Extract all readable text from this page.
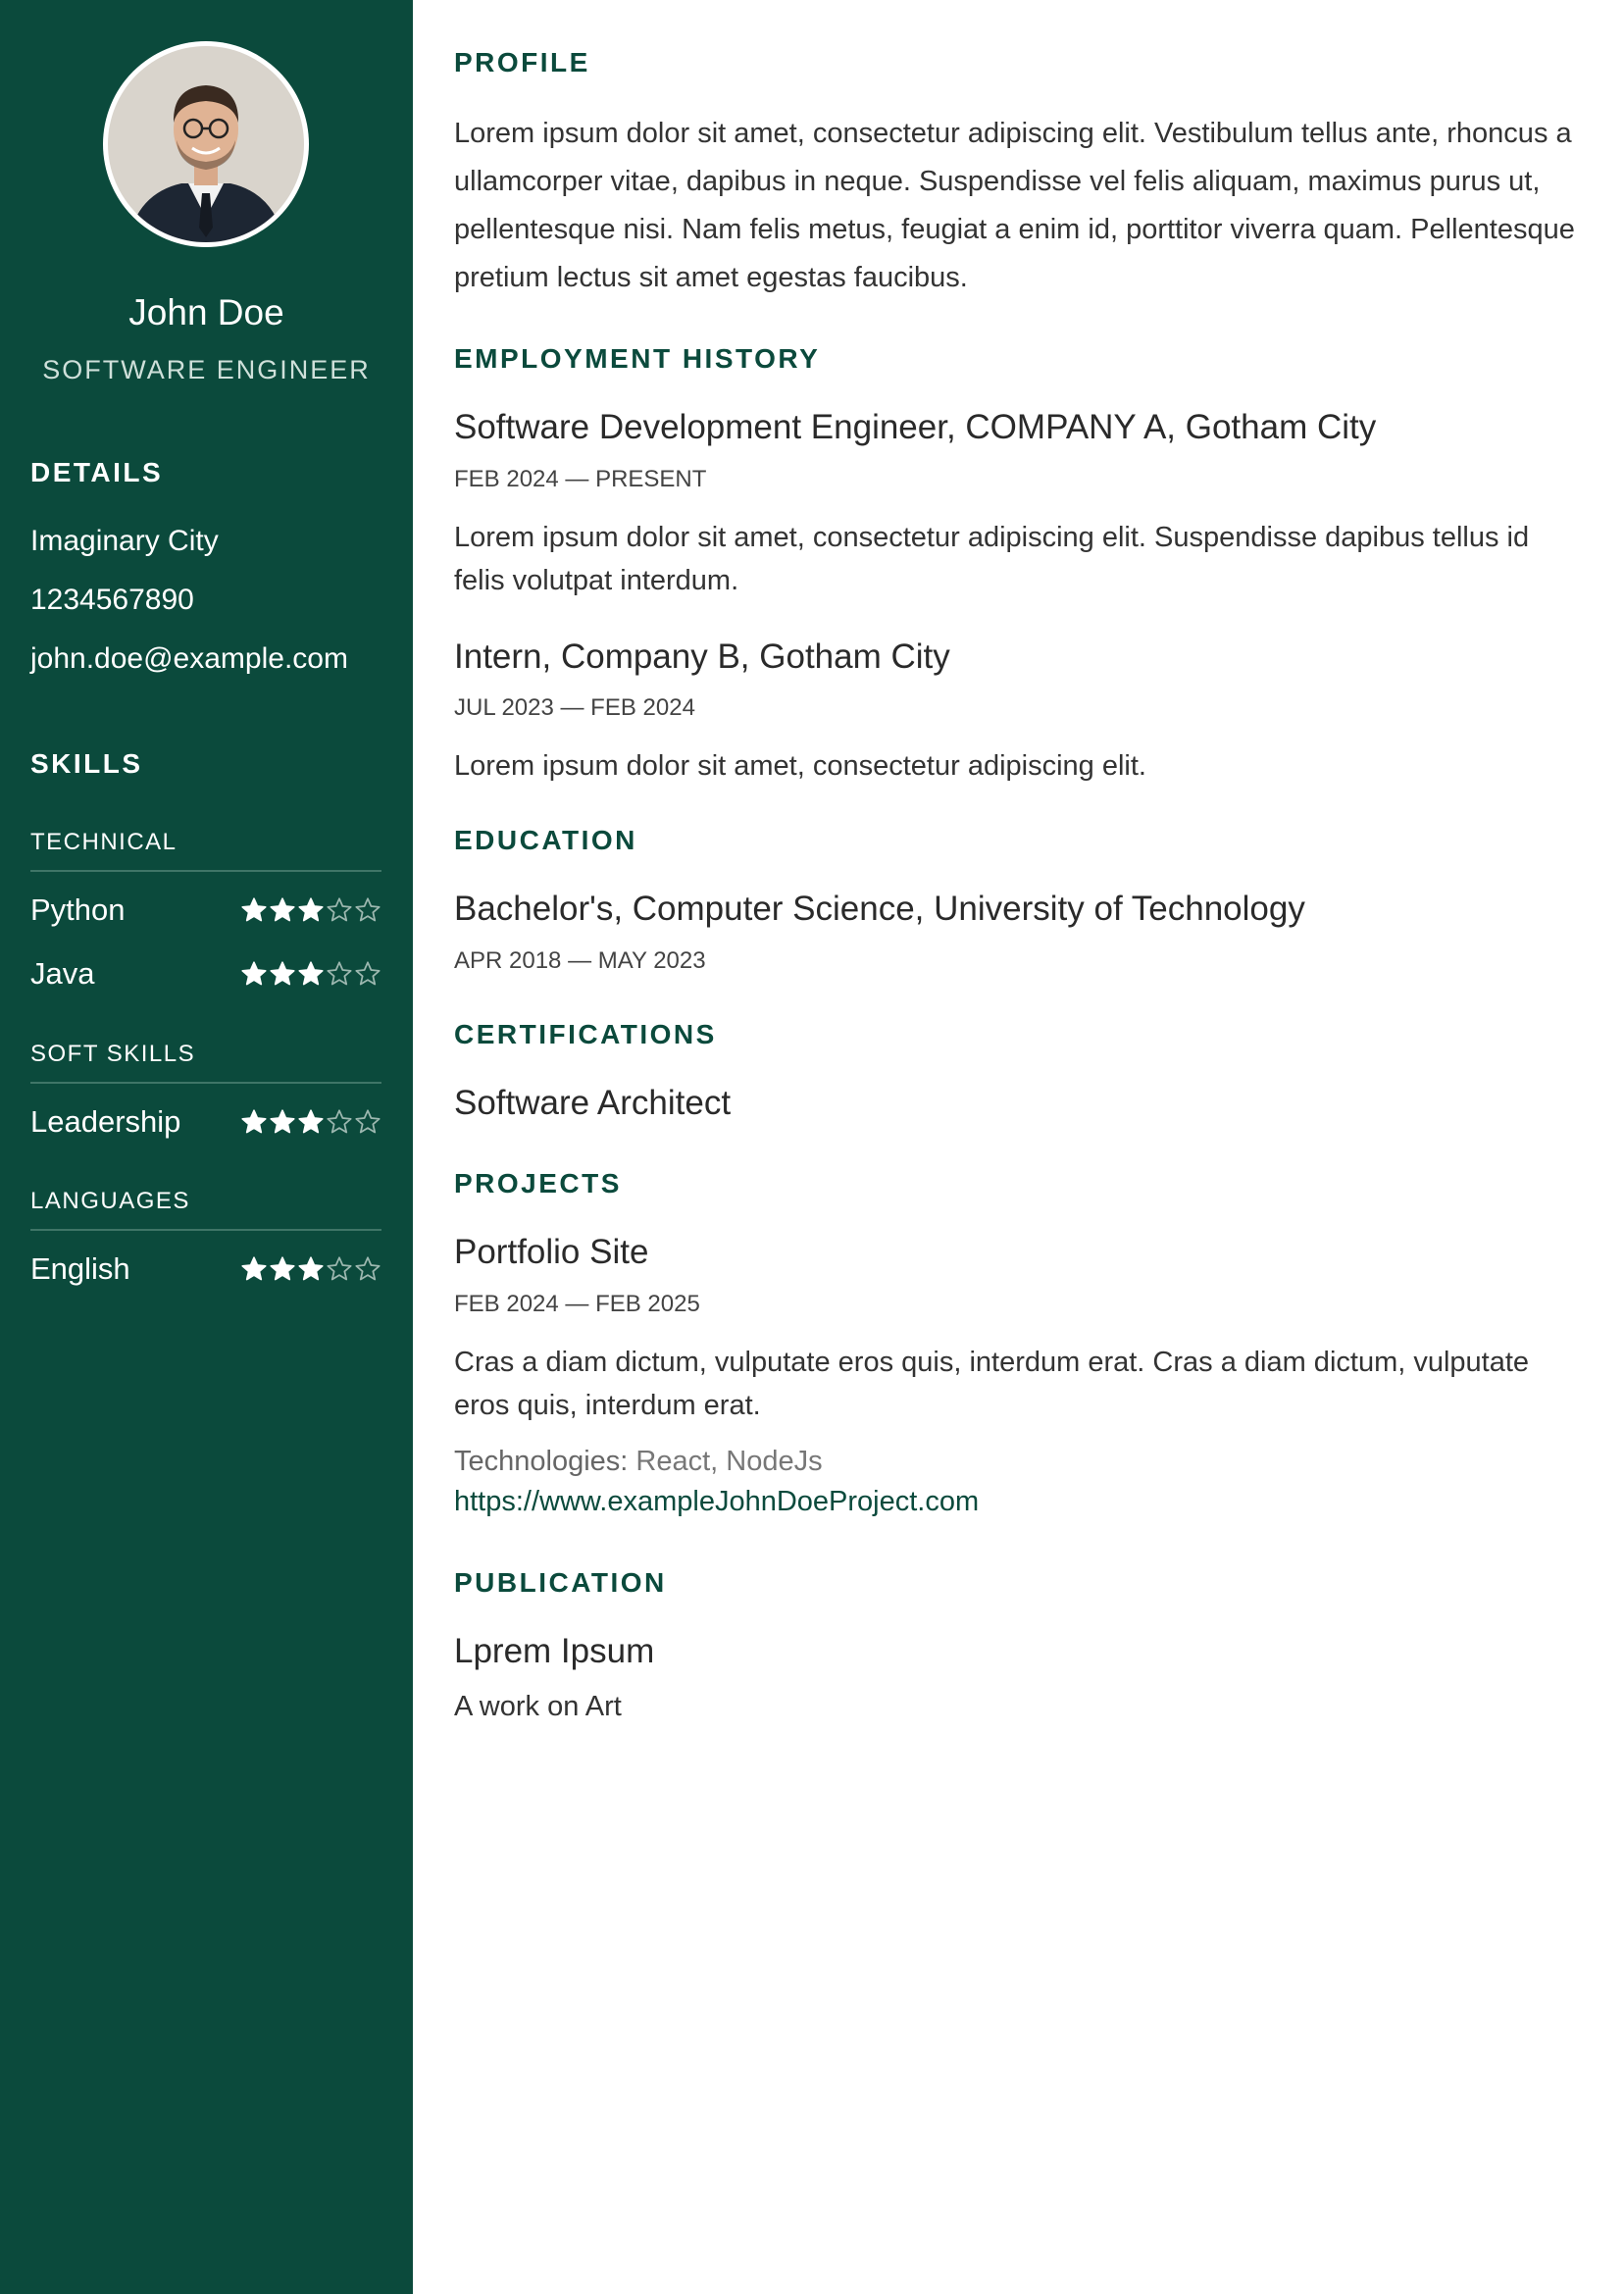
John Doe
SOFTWARE ENGINEER
DETAILS
Imaginary City
1234567890
john.doe@example.com
SKILLS
TECHNICAL
Python
Java
SOFT SKILLS
Leadership
LANGUAGES
English
PROFILE
Lorem ipsum dolor sit amet, consectetur adipiscing elit. Vestibulum tellus ante, rhoncus a ullamcorper vitae, dapibus in neque. Suspendisse vel felis aliquam, maximus purus ut, pellentesque nisi. Nam felis metus, feugiat a enim id, porttitor viverra quam. Pellentesque pretium lectus sit amet egestas faucibus.
EMPLOYMENT HISTORY
Software Development Engineer, COMPANY A, Gotham City
FEB 2024 — PRESENT
Lorem ipsum dolor sit amet, consectetur adipiscing elit. Suspendisse dapibus tellus id felis volutpat interdum.
Intern, Company B, Gotham City
JUL 2023 — FEB 2024
Lorem ipsum dolor sit amet, consectetur adipiscing elit.
EDUCATION
Bachelor's, Computer Science, University of Technology
APR 2018 — MAY 2023
CERTIFICATIONS
Software Architect
PROJECTS
Portfolio Site
FEB 2024 — FEB 2025
Cras a diam dictum, vulputate eros quis, interdum erat. Cras a diam dictum, vulputate eros quis, interdum erat.
Technologies: React, NodeJs
https://www.exampleJohnDoeProject.com
PUBLICATION
Lprem Ipsum
A work on Art
